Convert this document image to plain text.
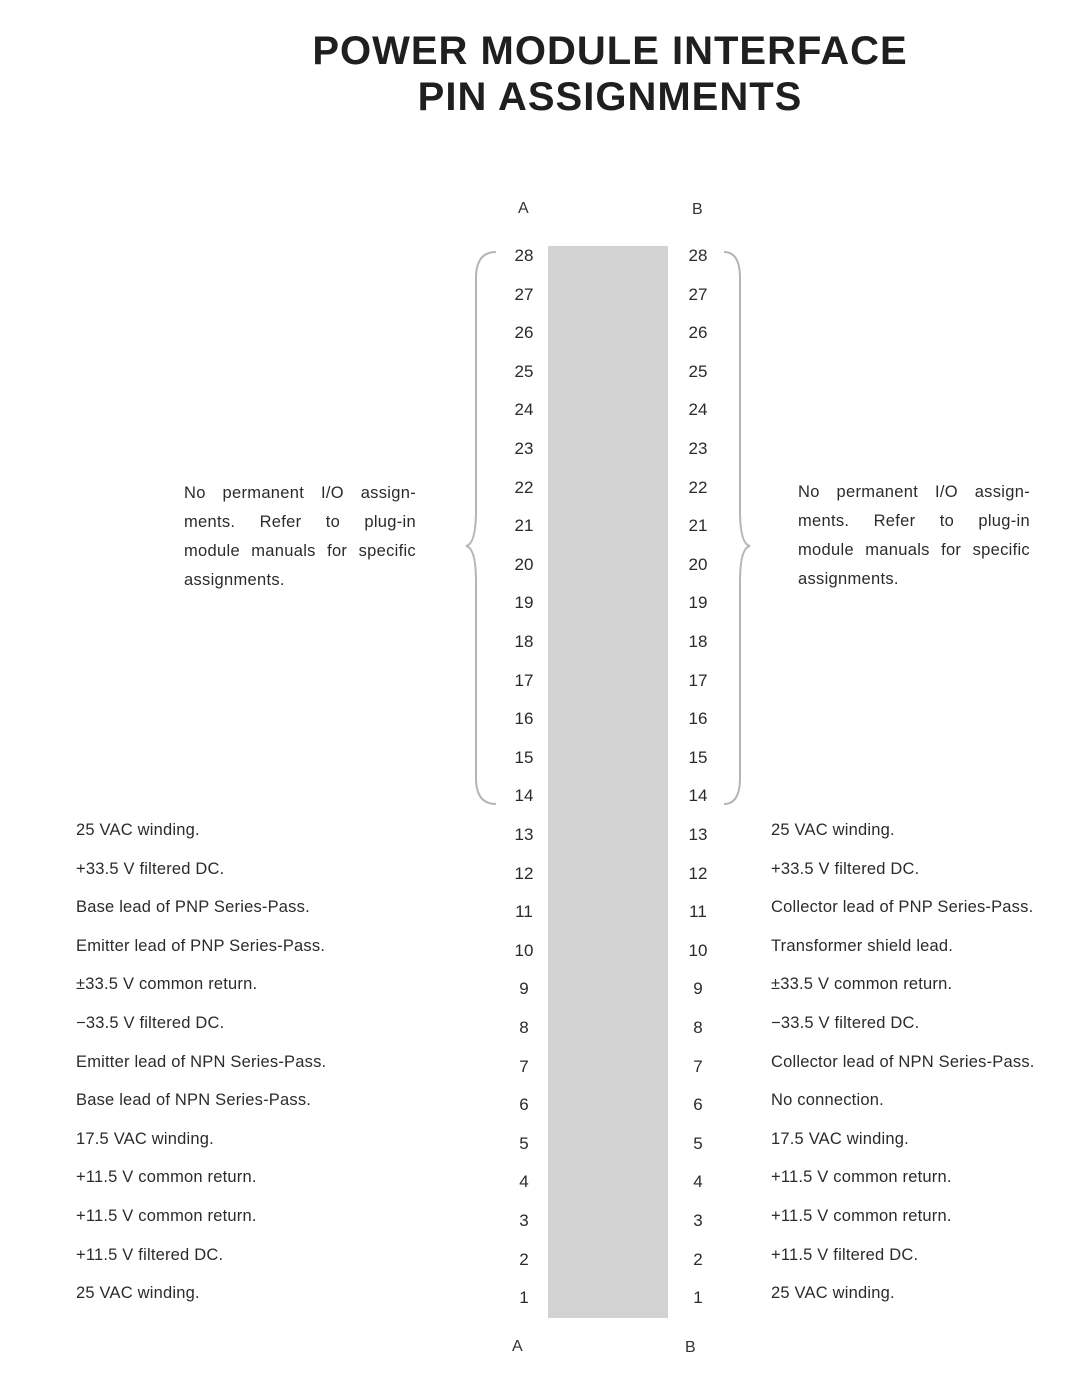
POWER MODULE INTERFACE
PIN ASSIGNMENTS
A	B
A	B
No permanent I/O assign- ments. Refer to plug-in module manuals for specific assignments.
No permanent I/O assign- ments. Refer to plug-in module manuals for specific assignments.
28
27
26
25
24
23
22
21
20
19
18
17
16
15
14
13
12
11
10
9
8
7
6
5
4
3
2
1
28
27
26
25
24
23
22
21
20
19
18
17
16
15
14
13
12
11
10
9
8
7
6
5
4
3
2
1
25 VAC winding.
+33.5 V filtered DC.
Base lead of PNP Series-Pass.
Emitter lead of PNP Series-Pass.
±33.5 V common return.
−33.5 V filtered DC.
Emitter lead of NPN Series-Pass.
Base lead of NPN Series-Pass.
17.5 VAC winding.
+11.5 V common return.
+11.5 V common return.
+11.5 V filtered DC.
25 VAC winding.
25 VAC winding.
+33.5 V filtered DC.
Collector lead of PNP Series-Pass.
Transformer shield lead.
±33.5 V common return.
−33.5 V filtered DC.
Collector lead of NPN Series-Pass.
No connection.
17.5 VAC winding.
+11.5 V common return.
+11.5 V common return.
+11.5 V filtered DC.
25 VAC winding.
